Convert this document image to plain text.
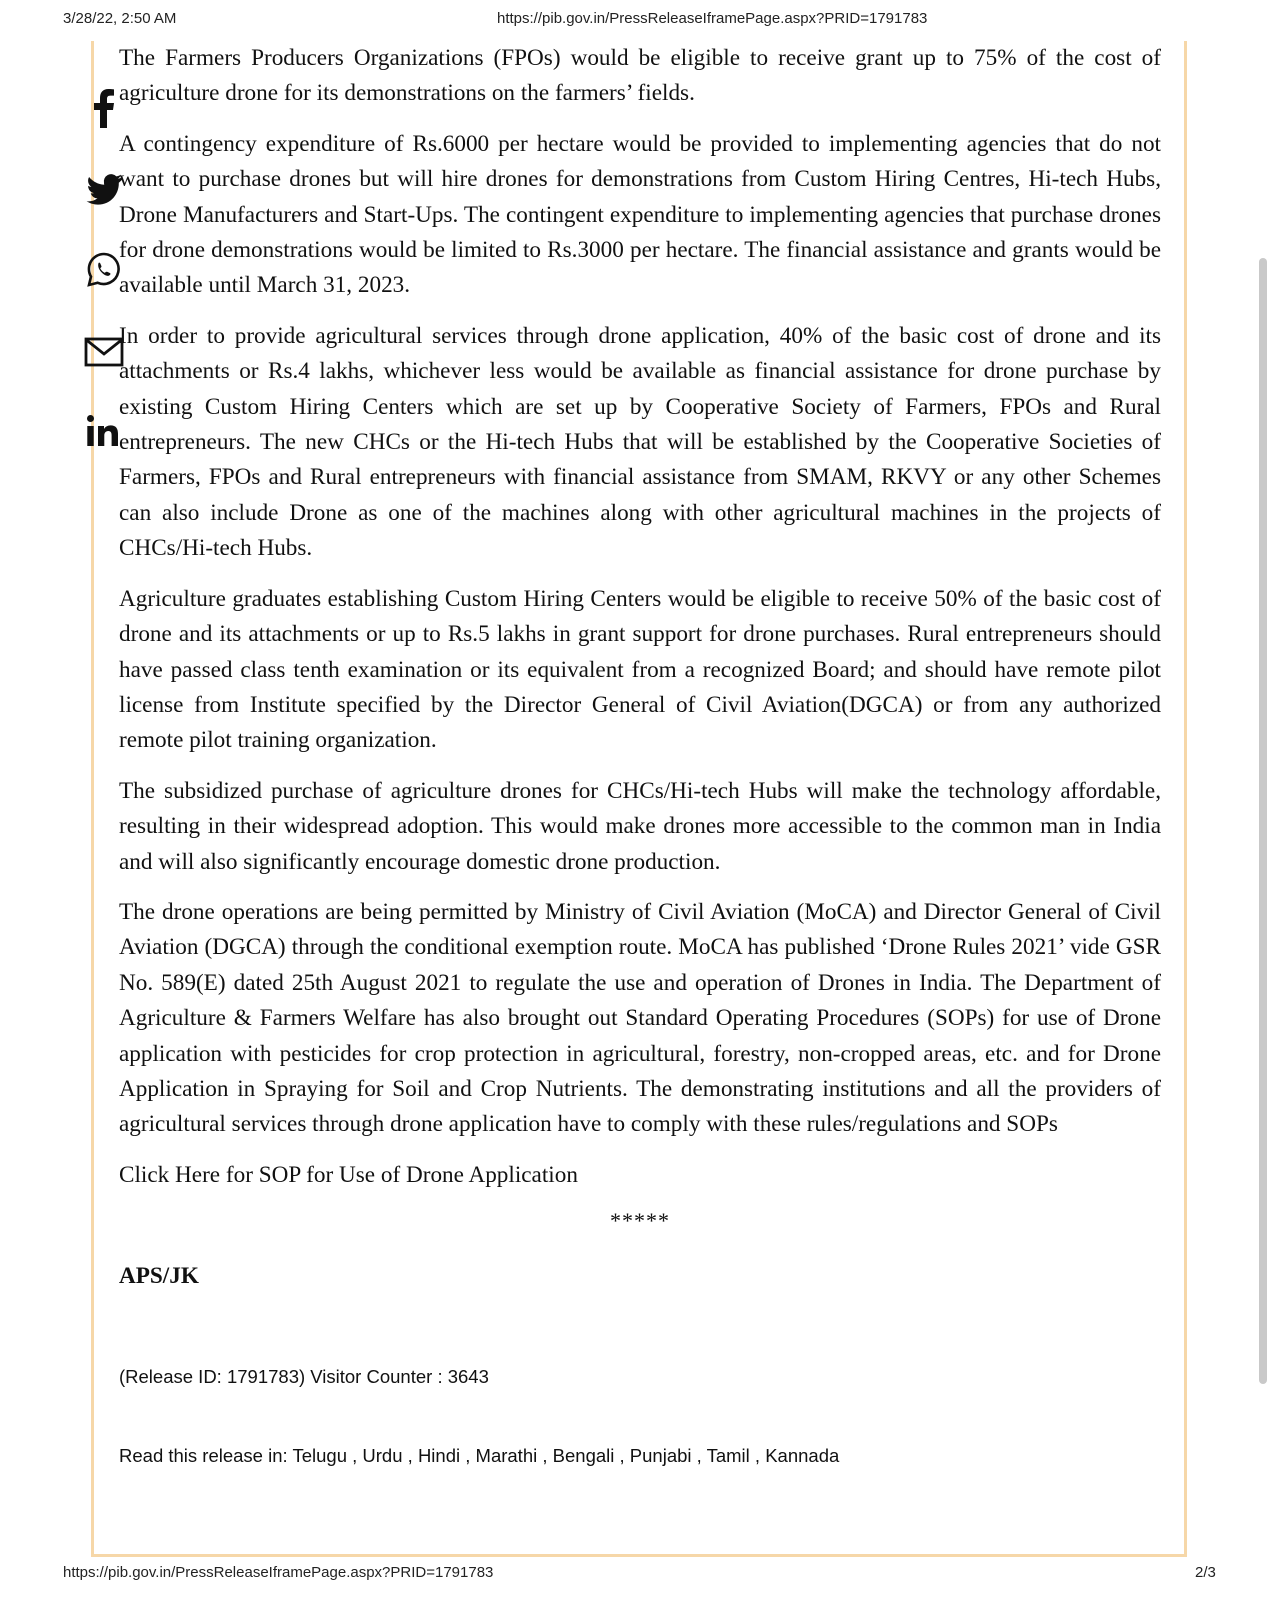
3/28/22, 2:50 AM	https://pib.gov.in/PressReleaseIframePage.aspx?PRID=1791783

The Farmers Producers Organizations (FPOs) would be eligible to receive grant up to 75% of the cost of agriculture drone for its demonstrations on the farmers’ fields.

A contingency expenditure of Rs.6000 per hectare would be provided to implementing agencies that do not want to purchase drones but will hire drones for demonstrations from Custom Hiring Centres, Hi-tech Hubs, Drone Manufacturers and Start-Ups. The contingent expenditure to implementing agencies that purchase drones for drone demonstrations would be limited to Rs.3000 per hectare. The financial assistance and grants would be available until March 31, 2023.

In order to provide agricultural services through drone application, 40% of the basic cost of drone and its attachments or Rs.4 lakhs, whichever less would be available as financial assistance for drone purchase by existing Custom Hiring Centers which are set up by Cooperative Society of Farmers, FPOs and Rural entrepreneurs. The new CHCs or the Hi-tech Hubs that will be established by the Cooperative Societies of Farmers, FPOs and Rural entrepreneurs with financial assistance from SMAM, RKVY or any other Schemes can also include Drone as one of the machines along with other agricultural machines in the projects of CHCs/Hi-tech Hubs.

Agriculture graduates establishing Custom Hiring Centers would be eligible to receive 50% of the basic cost of drone and its attachments or up to Rs.5 lakhs in grant support for drone purchases. Rural entrepreneurs should have passed class tenth examination or its equivalent from a recognized Board; and should have remote pilot license from Institute specified by the Director General of Civil Aviation(DGCA) or from any authorized remote pilot training organization.

The subsidized purchase of agriculture drones for CHCs/Hi-tech Hubs will make the technology affordable, resulting in their widespread adoption. This would make drones more accessible to the common man in India and will also significantly encourage domestic drone production.

The drone operations are being permitted by Ministry of Civil Aviation (MoCA) and Director General of Civil Aviation (DGCA) through the conditional exemption route. MoCA has published ‘Drone Rules 2021’ vide GSR No. 589(E) dated 25th August 2021 to regulate the use and operation of Drones in India. The Department of Agriculture & Farmers Welfare has also brought out Standard Operating Procedures (SOPs) for use of Drone application with pesticides for crop protection in agricultural, forestry, non-cropped areas, etc. and for Drone Application in Spraying for Soil and Crop Nutrients. The demonstrating institutions and all the providers of agricultural services through drone application have to comply with these rules/regulations and SOPs

Click Here for SOP for Use of Drone Application

*****
APS/JK
(Release ID: 1791783) Visitor Counter : 3643
Read this release in: Telugu , Urdu , Hindi , Marathi , Bengali , Punjabi , Tamil , Kannada
https://pib.gov.in/PressReleaseIframePage.aspx?PRID=1791783	2/3
